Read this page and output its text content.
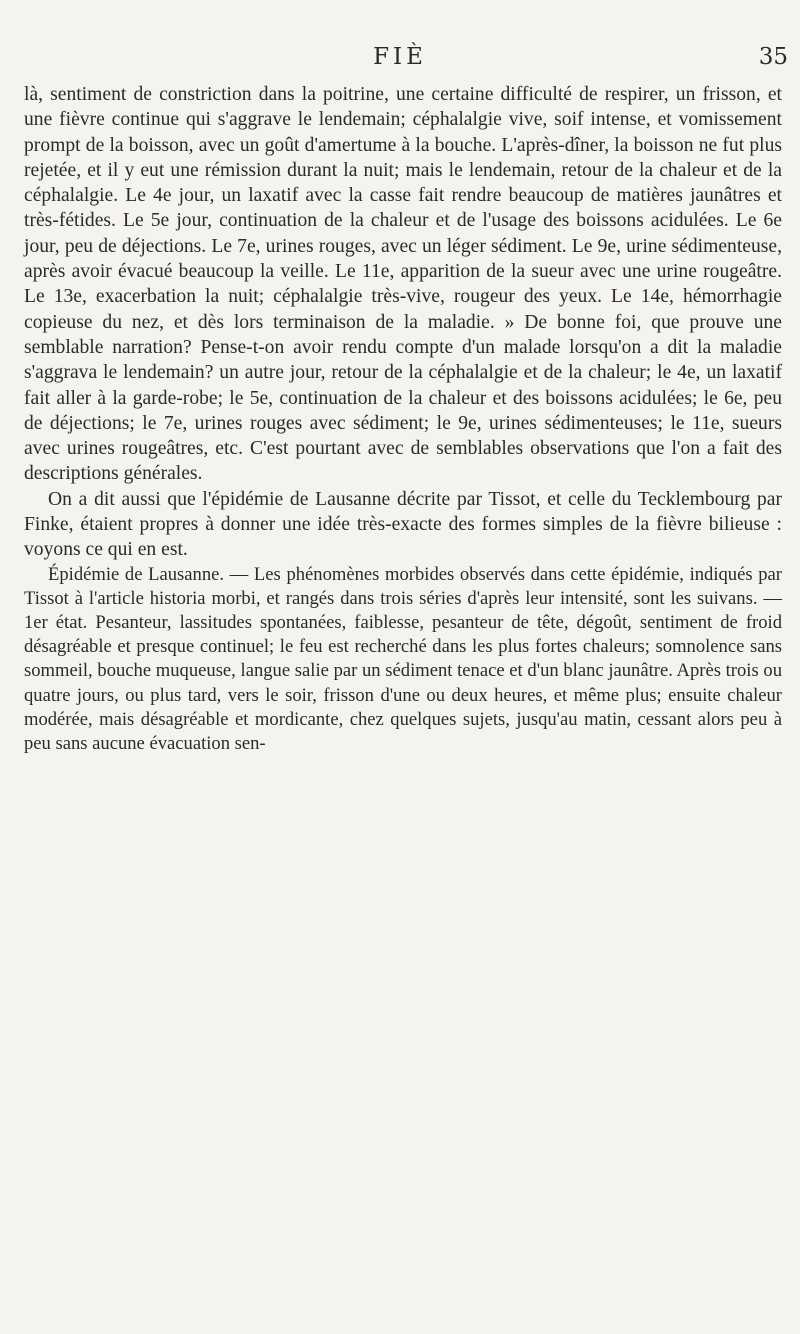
FIÈ	35

là, sentiment de constriction dans la poitrine, une certaine difficulté de respirer, un frisson, et une fièvre continue qui s'aggrave le lendemain; céphalalgie vive, soif intense, et vomissement prompt de la boisson, avec un goût d'amertume à la bouche. L'après-dîner, la boisson ne fut plus rejetée, et il y eut une rémission durant la nuit; mais le lendemain, retour de la chaleur et de la céphalalgie. Le 4e jour, un laxatif avec la casse fait rendre beaucoup de matières jaunâtres et très-fétides. Le 5e jour, continuation de la chaleur et de l'usage des boissons acidulées. Le 6e jour, peu de déjections. Le 7e, urines rouges, avec un léger sédiment. Le 9e, urine sédimenteuse, après avoir évacué beaucoup la veille. Le 11e, apparition de la sueur avec une urine rougeâtre. Le 13e, exacerbation la nuit; céphalalgie très-vive, rougeur des yeux. Le 14e, hémorrhagie copieuse du nez, et dès lors terminaison de la maladie. » De bonne foi, que prouve une semblable narration? Pense-t-on avoir rendu compte d'un malade lorsqu'on a dit la maladie s'aggrava le lendemain? un autre jour, retour de la céphalalgie et de la chaleur; le 4e, un laxatif fait aller à la garde-robe; le 5e, continuation de la chaleur et des boissons acidulées; le 6e, peu de déjections; le 7e, urines rouges avec sédiment; le 9e, urines sédimenteuses; le 11e, sueurs avec urines rougeâtres, etc. C'est pourtant avec de semblables observations que l'on a fait des descriptions générales.

On a dit aussi que l'épidémie de Lausanne décrite par Tissot, et celle du Tecklembourg par Finke, étaient propres à donner une idée très-exacte des formes simples de la fièvre bilieuse : voyons ce qui en est.

Épidémie de Lausanne. — Les phénomènes morbides observés dans cette épidémie, indiqués par Tissot à l'article historia morbi, et rangés dans trois séries d'après leur intensité, sont les suivans. — 1er état. Pesanteur, lassitudes spontanées, faiblesse, pesanteur de tête, dégoût, sentiment de froid désagréable et presque continuel; le feu est recherché dans les plus fortes chaleurs; somnolence sans sommeil, bouche muqueuse, langue salie par un sédiment tenace et d'un blanc jaunâtre. Après trois ou quatre jours, ou plus tard, vers le soir, frisson d'une ou deux heures, et même plus; ensuite chaleur modérée, mais désagréable et mordicante, chez quelques sujets, jusqu'au matin, cessant alors peu à peu sans aucune évacuation sen-
